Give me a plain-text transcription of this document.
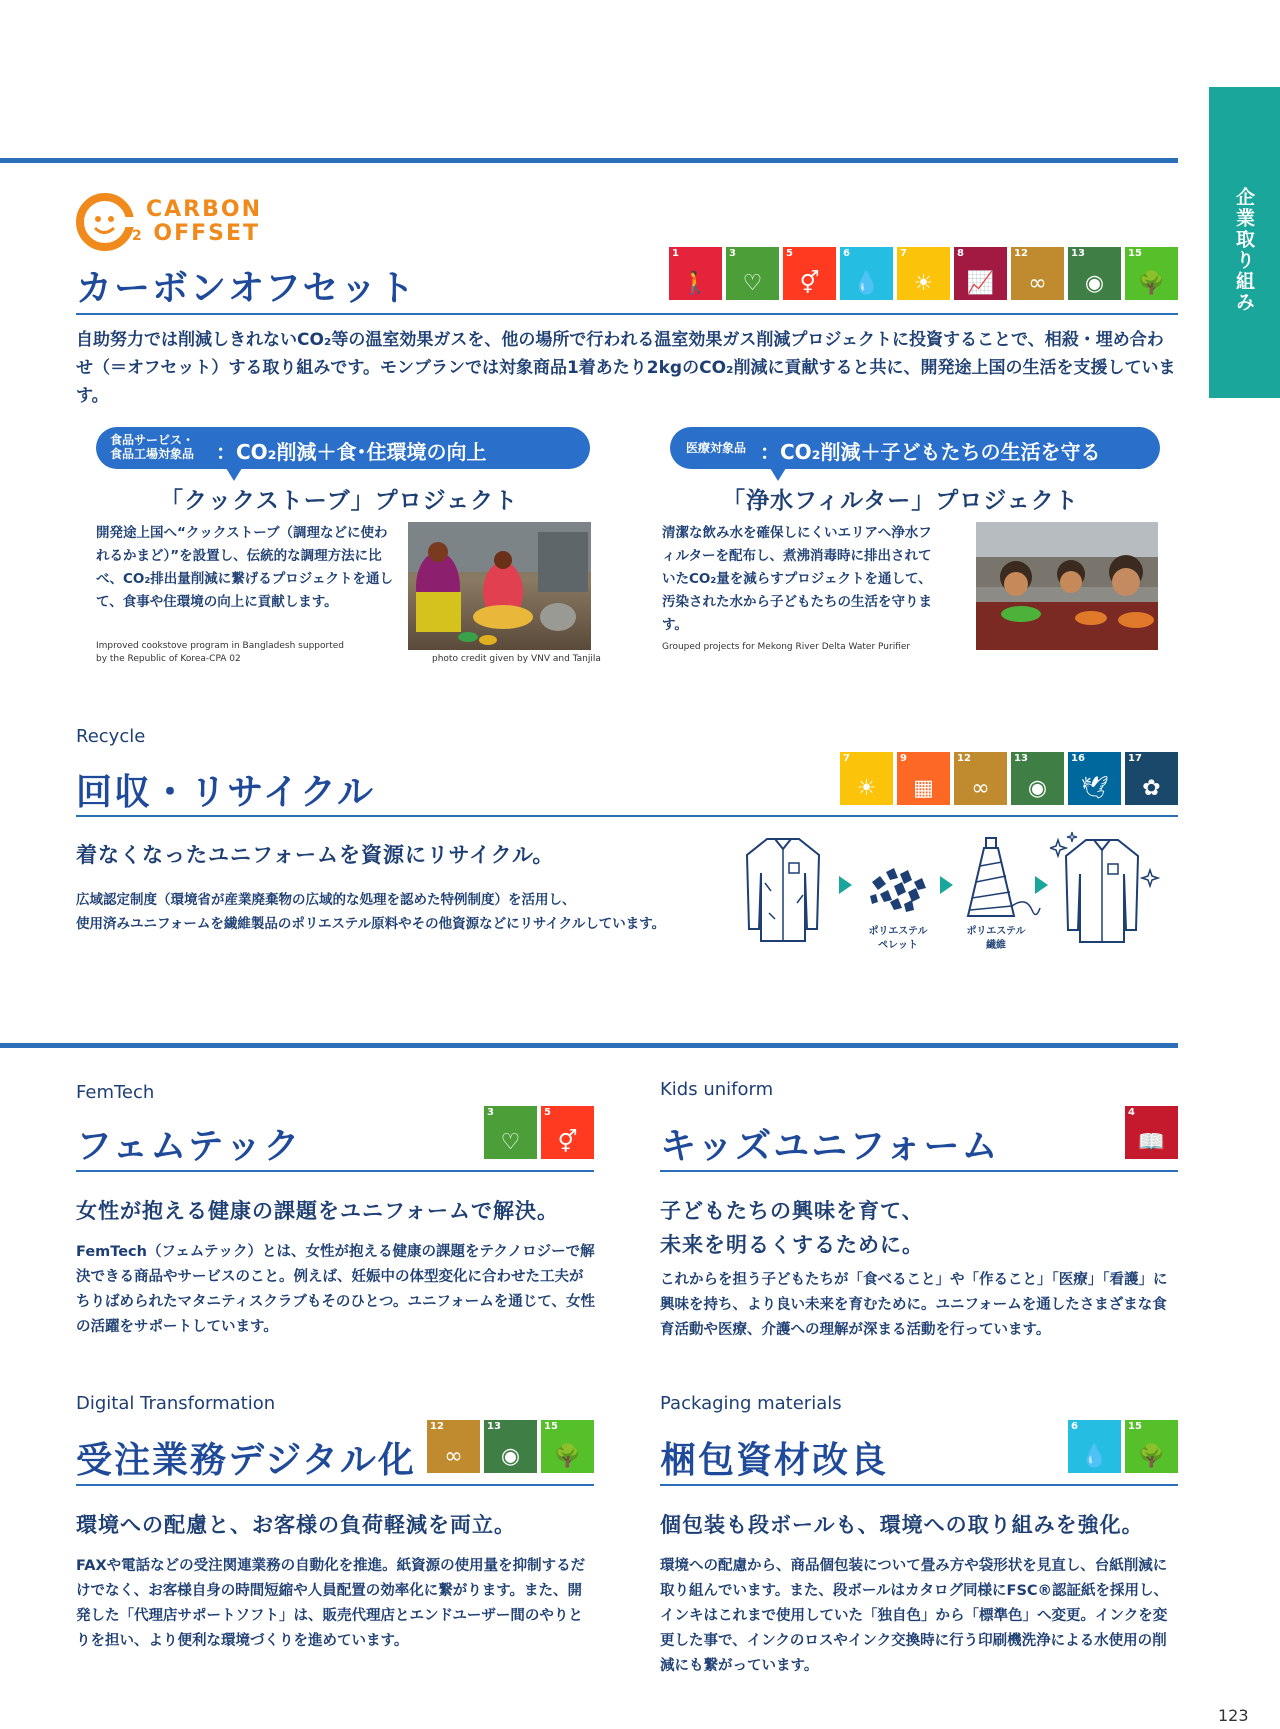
企業取り組み
CARBON
2 OFFSET
カーボンオフセット
1
🚶
3
♡
5
⚥
6
💧
7
☀
8
📈
12
∞
13
◉
15
🌳
自助努力では削減しきれないCO₂等の温室効果ガスを、他の場所で行われる温室効果ガス削減プロジェクトに投資することで、相殺・埋め合わせ（＝オフセット）する取り組みです。モンブランでは対象商品1着あたり2kgのCO₂削減に貢献すると共に、開発途上国の生活を支援しています。
食品サービス・
食品工場対象品 ：CO₂削減＋食･住環境の向上
「クックストーブ」プロジェクト
開発途上国へ“クックストーブ（調理などに使われるかまど）”を設置し、伝統的な調理方法に比べ、CO₂排出量削減に繋げるプロジェクトを通して、食事や住環境の向上に貢献します。
Improved cookstove program in Bangladesh supported
by the Republic of Korea-CPA 02	photo credit given by VNV and Tanjila
医療対象品 ：CO₂削減＋子どもたちの生活を守る
「浄水フィルター」プロジェクト
清潔な飲み水を確保しにくいエリアへ浄水フィルターを配布し、煮沸消毒時に排出されていたCO₂量を減らすプロジェクトを通して、汚染された水から子どもたちの生活を守ります。
Grouped projects for Mekong River Delta Water Purifier
Recycle
回収・リサイクル
7
☀
9
▦
12
∞
13
◉
16
🕊
17
✿
着なくなったユニフォームを資源にリサイクル。
広域認定制度（環境省が産業廃棄物の広域的な処理を認めた特例制度）を活用し、
使用済みユニフォームを繊維製品のポリエステル原料やその他資源などにリサイクルしています。	ポリエステル
ペレット
ポリエステル
繊維
FemTech
フェムテック
3
♡
5
⚥
女性が抱える健康の課題をユニフォームで解決。
FemTech（フェムテック）とは、女性が抱える健康の課題をテクノロジーで解決できる商品やサービスのこと。例えば、妊娠中の体型変化に合わせた工夫がちりばめられたマタニティスクラブもそのひとつ。ユニフォームを通じて、女性の活躍をサポートしています。
Kids uniform
キッズユニフォーム
4
📖
子どもたちの興味を育て、
未来を明るくするために。
これからを担う子どもたちが「食べること」や「作ること」「医療」「看護」に興味を持ち、より良い未来を育むために。ユニフォームを通したさまざまな食育活動や医療、介護への理解が深まる活動を行っています。
Digital Transformation
受注業務デジタル化
12
∞
13
◉
15
🌳
環境への配慮と、お客様の負荷軽減を両立。
FAXや電話などの受注関連業務の自動化を推進。紙資源の使用量を抑制するだけでなく、お客様自身の時間短縮や人員配置の効率化に繋がります。また、開発した「代理店サポートソフト」は、販売代理店とエンドユーザー間のやりとりを担い、より便利な環境づくりを進めています。
Packaging materials
梱包資材改良
6
💧
15
🌳
個包装も段ボールも、環境への取り組みを強化。
環境への配慮から、商品個包装について畳み方や袋形状を見直し、台紙削減に取り組んでいます。また、段ボールはカタログ同様にFSC®認証紙を採用し、インキはこれまで使用していた「独自色」から「標準色」へ変更。インクを変更した事で、インクのロスやインク交換時に行う印刷機洗浄による水使用の削減にも繋がっています。
123
